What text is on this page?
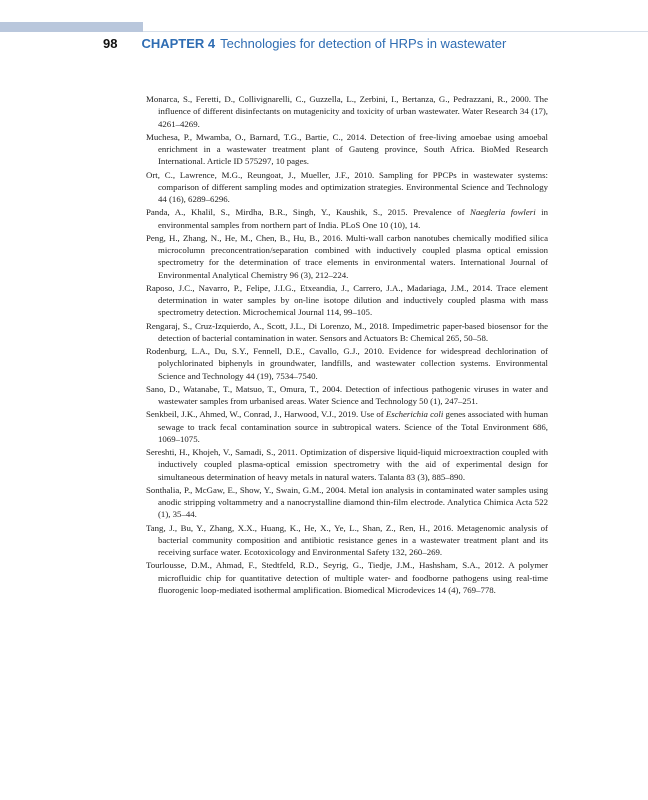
98 CHAPTER 4 Technologies for detection of HRPs in wastewater

Monarca, S., Feretti, D., Collivignarelli, C., Guzzella, L., Zerbini, I., Bertanza, G., Pedrazzani, R., 2000. The influence of different disinfectants on mutagenicity and toxicity of urban wastewater. Water Research 34 (17), 4261–4269.

Muchesa, P., Mwamba, O., Barnard, T.G., Bartie, C., 2014. Detection of free-living amoebae using amoebal enrichment in a wastewater treatment plant of Gauteng province, South Africa. BioMed Research International. Article ID 575297, 10 pages.

Ort, C., Lawrence, M.G., Reungoat, J., Mueller, J.F., 2010. Sampling for PPCPs in wastewater systems: comparison of different sampling modes and optimization strategies. Environmental Science and Technology 44 (16), 6289–6296.

Panda, A., Khalil, S., Mirdha, B.R., Singh, Y., Kaushik, S., 2015. Prevalence of Naegleria fowleri in environmental samples from northern part of India. PLoS One 10 (10), 14.

Peng, H., Zhang, N., He, M., Chen, B., Hu, B., 2016. Multi-wall carbon nanotubes chemically modified silica microcolumn preconcentration/separation combined with inductively coupled plasma optical emission spectrometry for the determination of trace elements in environmental waters. International Journal of Environmental Analytical Chemistry 96 (3), 212–224.

Raposo, J.C., Navarro, P., Felipe, J.I.G., Etxeandia, J., Carrero, J.A., Madariaga, J.M., 2014. Trace element determination in water samples by on-line isotope dilution and inductively coupled plasma with mass spectrometry detection. Microchemical Journal 114, 99–105.

Rengaraj, S., Cruz-Izquierdo, A., Scott, J.L., Di Lorenzo, M., 2018. Impedimetric paper-based biosensor for the detection of bacterial contamination in water. Sensors and Actuators B: Chemical 265, 50–58.

Rodenburg, L.A., Du, S.Y., Fennell, D.E., Cavallo, G.J., 2010. Evidence for widespread dechlorination of polychlorinated biphenyls in groundwater, landfills, and wastewater collection systems. Environmental Science and Technology 44 (19), 7534–7540.

Sano, D., Watanabe, T., Matsuo, T., Omura, T., 2004. Detection of infectious pathogenic viruses in water and wastewater samples from urbanised areas. Water Science and Technology 50 (1), 247–251.

Senkbeil, J.K., Ahmed, W., Conrad, J., Harwood, V.J., 2019. Use of Escherichia coli genes associated with human sewage to track fecal contamination source in subtropical waters. Science of the Total Environment 686, 1069–1075.

Sereshti, H., Khojeh, V., Samadi, S., 2011. Optimization of dispersive liquid-liquid microextraction coupled with inductively coupled plasma-optical emission spectrometry with the aid of experimental design for simultaneous determination of heavy metals in natural waters. Talanta 83 (3), 885–890.

Sonthalia, P., McGaw, E., Show, Y., Swain, G.M., 2004. Metal ion analysis in contaminated water samples using anodic stripping voltammetry and a nanocrystalline diamond thin-film electrode. Analytica Chimica Acta 522 (1), 35–44.

Tang, J., Bu, Y., Zhang, X.X., Huang, K., He, X., Ye, L., Shan, Z., Ren, H., 2016. Metagenomic analysis of bacterial community composition and antibiotic resistance genes in a wastewater treatment plant and its receiving surface water. Ecotoxicology and Environmental Safety 132, 260–269.

Tourlousse, D.M., Ahmad, F., Stedtfeld, R.D., Seyrig, G., Tiedje, J.M., Hashsham, S.A., 2012. A polymer microfluidic chip for quantitative detection of multiple water- and foodborne pathogens using real-time fluorogenic loop-mediated isothermal amplification. Biomedical Microdevices 14 (4), 769–778.
